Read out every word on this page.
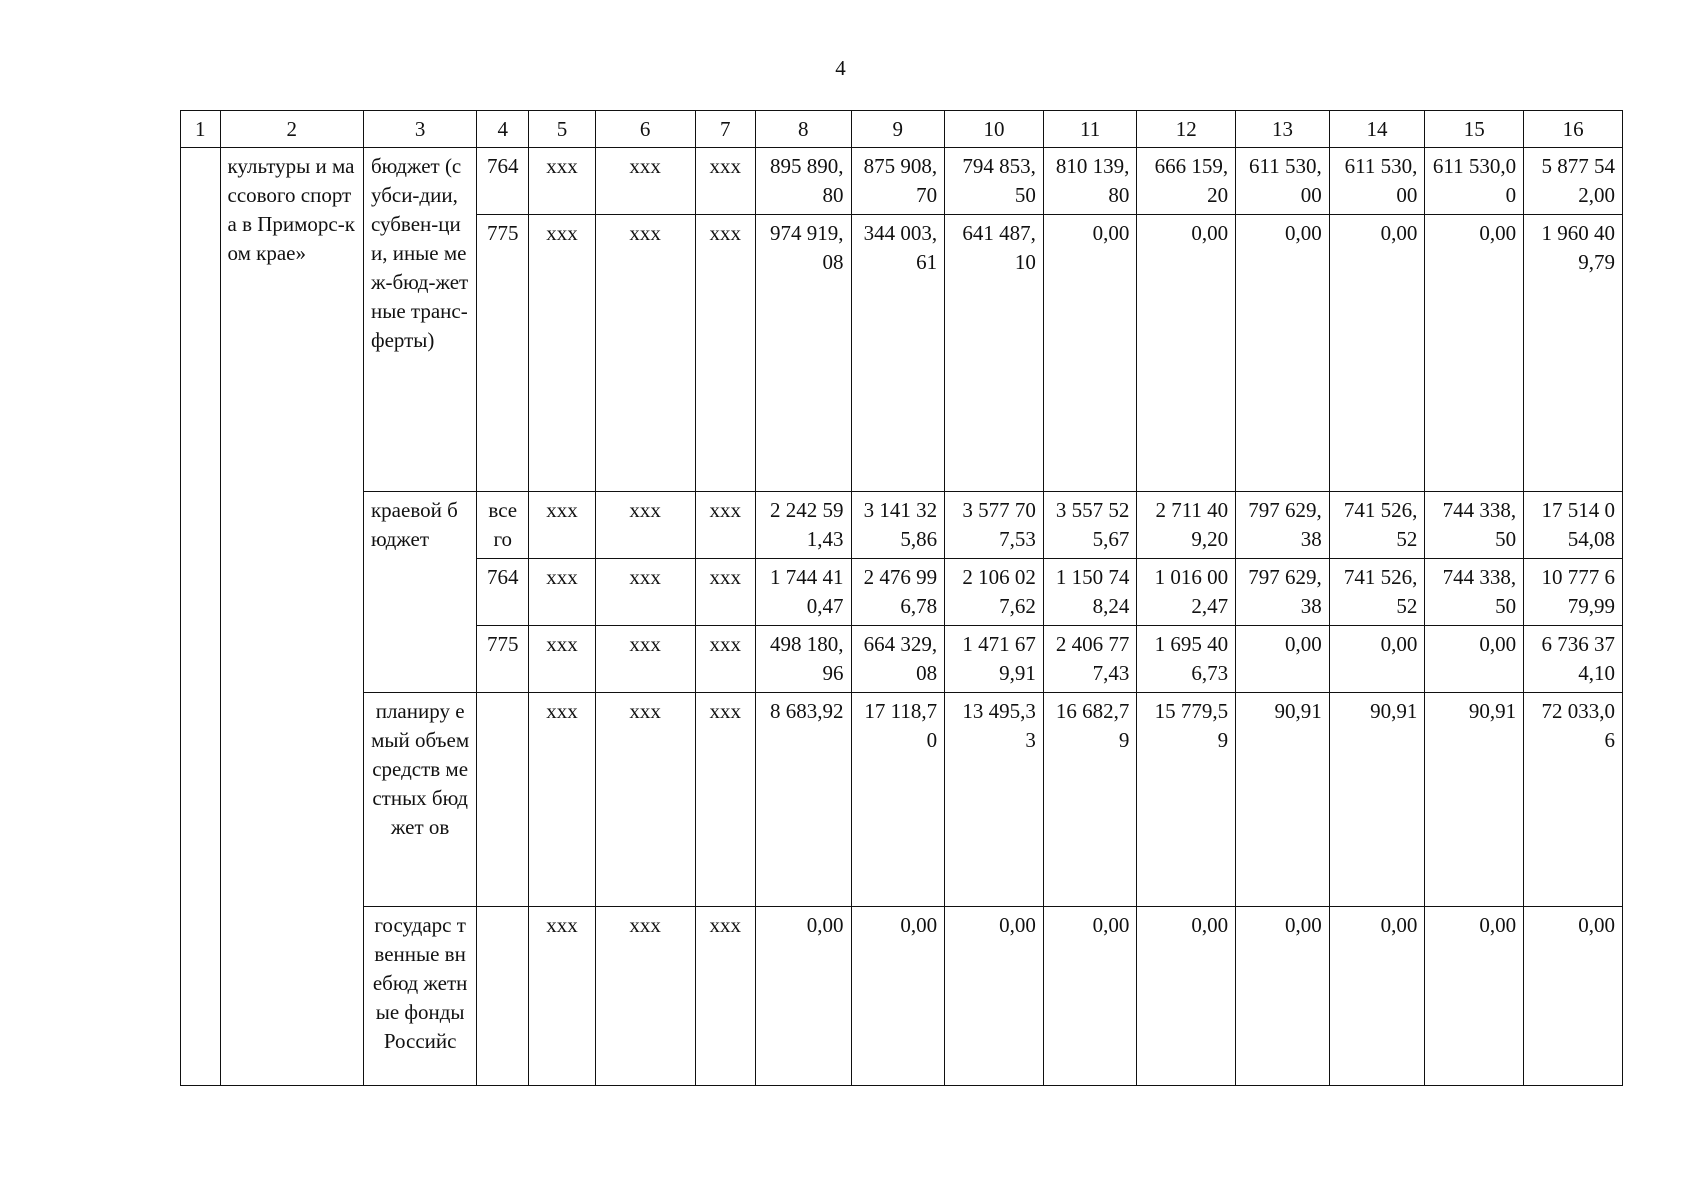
4
1	2	3	4	5	6	7	8	9	10	11	12	13	14	15	16
	культуры и массового спорта в Приморс-ком крае»	бюджет (субси-дии, субвен-ции, иные меж-бюд-жетные транс-ферты)	764	xxx	xxx	xxx	895 890,80	875 908,70	794 853,50	810 139,80	666 159,20	611 530,00	611 530,00	611 530,00	5 877 542,00
			775	xxx	xxx	xxx	974 919,08	344 003,61	641 487,10	0,00	0,00	0,00	0,00	0,00	1 960 409,79
		краевой бюджет	всего	xxx	xxx	xxx	2 242 591,43	3 141 325,86	3 577 707,53	3 557 525,67	2 711 409,20	797 629,38	741 526,52	744 338,50	17 514 054,08
			764	xxx	xxx	xxx	1 744 410,47	2 476 996,78	2 106 027,62	1 150 748,24	1 016 002,47	797 629,38	741 526,52	744 338,50	10 777 679,99
			775	xxx	xxx	xxx	498 180,96	664 329,08	1 471 679,91	2 406 777,43	1 695 406,73	0,00	0,00	0,00	6 736 374,10
		планиру емый объем средств местных бюджет ов		xxx	xxx	xxx	8 683,92	17 118,70	13 495,33	16 682,79	15 779,59	90,91	90,91	90,91	72 033,06
		государс твенные внебюд жетные фонды Российс		xxx	xxx	xxx	0,00	0,00	0,00	0,00	0,00	0,00	0,00	0,00	0,00
